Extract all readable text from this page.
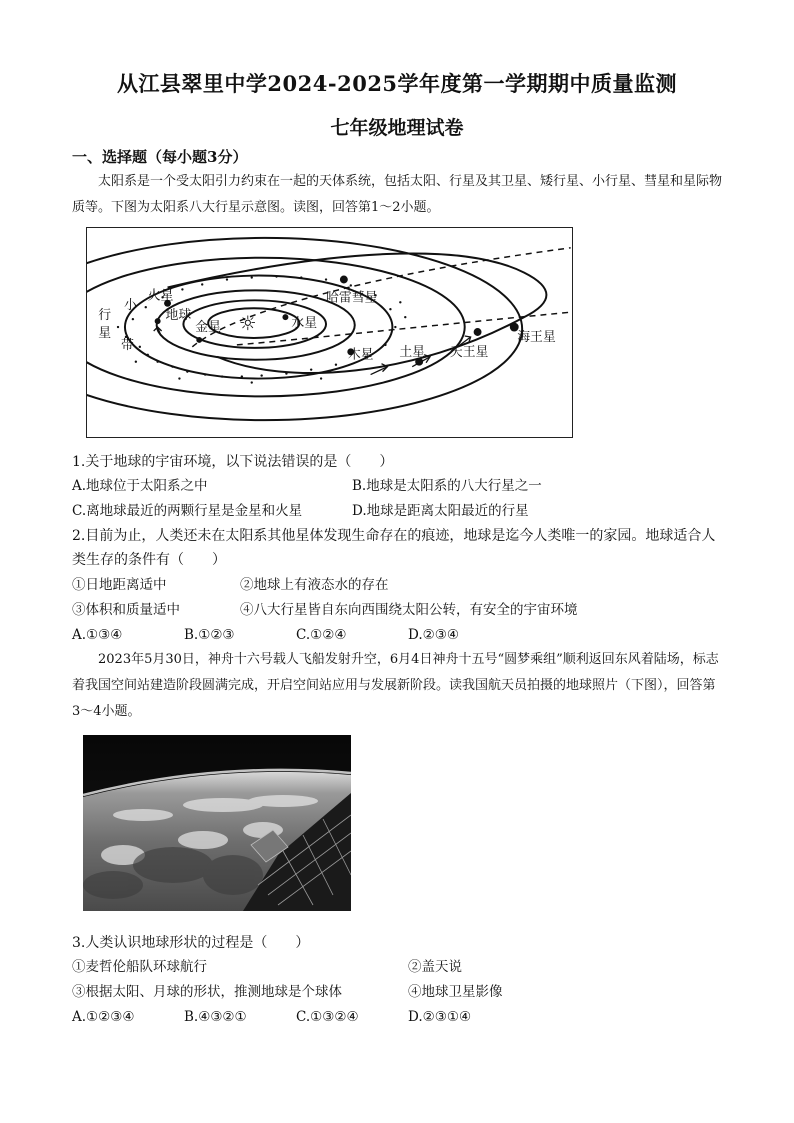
从江县翠里中学2024-2025学年度第一学期期中质量监测
七年级地理试卷
一、选择题（每小题3分）
太阳系是一个受太阳引力约束在一起的天体系统，包括太阳、行星及其卫星、矮行星、小行星、彗星和星际物质等。下图为太阳系八大行星示意图。读图，回答第1～2小题。
行
星
小
带
火星
地球
金星 ☼	水星
哈雷彗星
木星 土星 天王星
海王星
1.关于地球的宇宙环境，以下说法错误的是（　　）
A.地球位于太阳系之中	B.地球是太阳系的八大行星之一
C.离地球最近的两颗行星是金星和火星	D.地球是距离太阳最近的行星
2.目前为止，人类还未在太阳系其他星体发现生命存在的痕迹，地球是迄今人类唯一的家园。地球适合人类生存的条件有（　　）
①日地距离适中	②地球上有液态水的存在
③体积和质量适中	④八大行星皆自东向西围绕太阳公转，有安全的宇宙环境
A.①③④	B.①②③	C.①②④	D.②③④
2023年5月30日，神舟十六号载人飞船发射升空，6月4日神舟十五号“圆梦乘组”顺利返回东风着陆场，标志着我国空间站建造阶段圆满完成，开启空间站应用与发展新阶段。读我国航天员拍摄的地球照片（下图），回答第3～4小题。
3.人类认识地球形状的过程是（　　）
①麦哲伦船队环球航行	②盖天说
③根据太阳、月球的形状，推测地球是个球体	④地球卫星影像
A.①②③④	B.④③②①	C.①③②④	D.②③①④
